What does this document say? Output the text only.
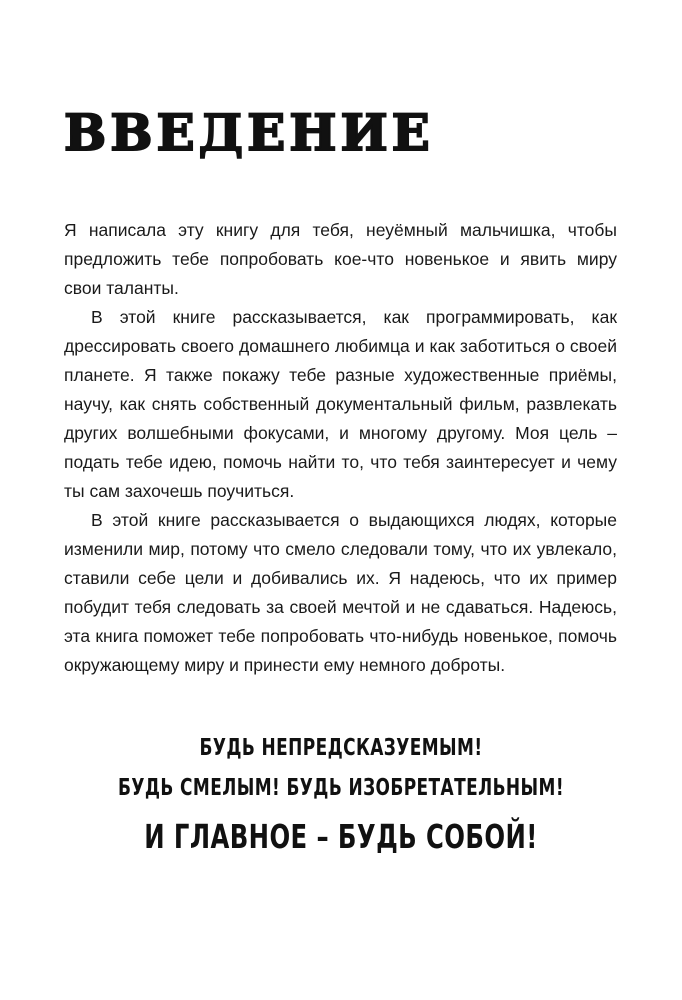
ВВЕДЕНИЕ

Я написала эту книгу для тебя, неуёмный мальчишка, чтобы предложить тебе попробовать кое-что новенькое и явить миру свои таланты.

В этой книге рассказывается, как программировать, как дрессировать своего домашнего любимца и как заботиться о своей планете. Я также покажу тебе разные художественные приёмы, научу, как снять собственный документальный фильм, развлекать других волшебными фокусами, и многому другому. Моя цель – подать тебе идею, помочь найти то, что тебя заинтересует и чему ты сам захочешь поучиться.

В этой книге рассказывается о выдающихся людях, которые изменили мир, потому что смело следовали тому, что их увлекало, ставили себе цели и добивались их. Я надеюсь, что их пример побудит тебя следовать за своей мечтой и не сдаваться. Надеюсь, эта книга поможет тебе попробовать что-нибудь новенькое, помочь окружающему миру и принести ему немного доброты.

БУДЬ НЕПРЕДСКАЗУЕМЫМ!

БУДЬ СМЕЛЫМ! БУДЬ ИЗОБРЕТАТЕЛЬНЫМ!

И ГЛАВНОЕ – БУДЬ СОБОЙ!
